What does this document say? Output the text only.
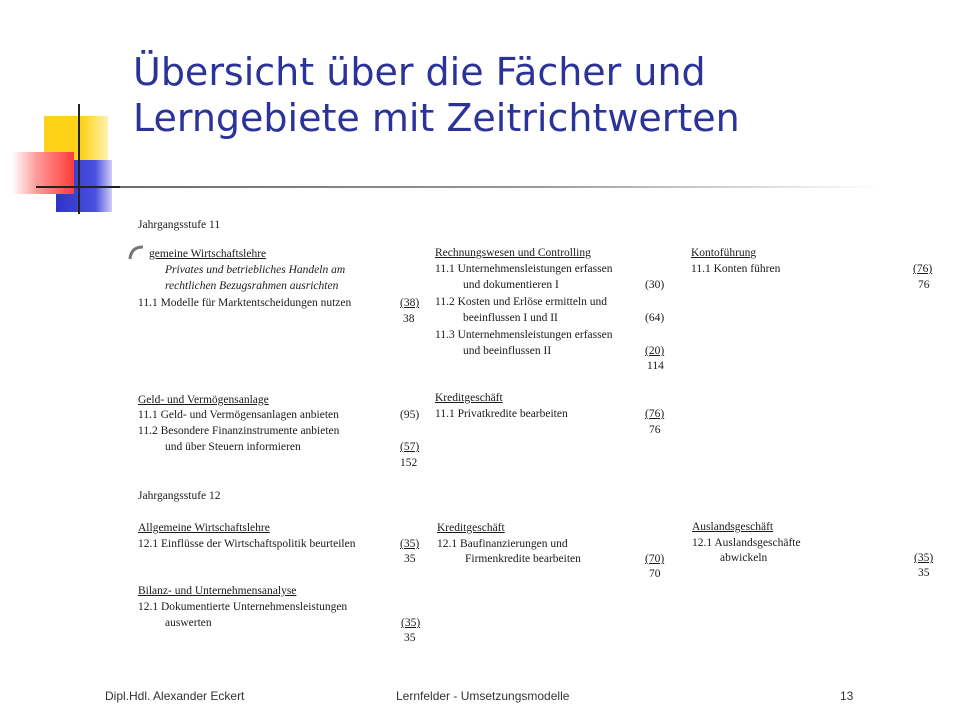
Übersicht über die Fächer und
Lerngebiete mit Zeitrichtwerten
Jahrgangsstufe 11
gemeine Wirtschaftslehre
Privates und betriebliches Handeln am
rechtlichen Bezugsrahmen ausrichten
11.1 Modelle für Marktentscheidungen nutzen	(38)
38
Rechnungswesen und Controlling
11.1 Unternehmensleistungen erfassen
und dokumentieren I	(30)
11.2 Kosten und Erlöse ermitteln und
beeinflussen I und II	(64)
11.3 Unternehmensleistungen erfassen
und beeinflussen II	(20)
114
Kontoführung
11.1 Konten führen	(76)
76
Geld- und Vermögensanlage
11.1 Geld- und Vermögensanlagen anbieten	(95)
11.2 Besondere Finanzinstrumente anbieten
und über Steuern informieren	(57)
152
Kreditgeschäft
11.1 Privatkredite bearbeiten	(76)
76
Jahrgangsstufe 12
Allgemeine Wirtschaftslehre
12.1 Einflüsse der Wirtschaftspolitik beurteilen	(35)
35
Kreditgeschäft
12.1 Baufinanzierungen und
Firmenkredite bearbeiten	(70)
70
Auslandsgeschäft
12.1 Auslandsgeschäfte
abwickeln	(35)
35
Bilanz- und Unternehmensanalyse
12.1 Dokumentierte Unternehmensleistungen
auswerten	(35)
35
Dipl.Hdl. Alexander Eckert	Lernfelder - Umsetzungsmodelle	13
